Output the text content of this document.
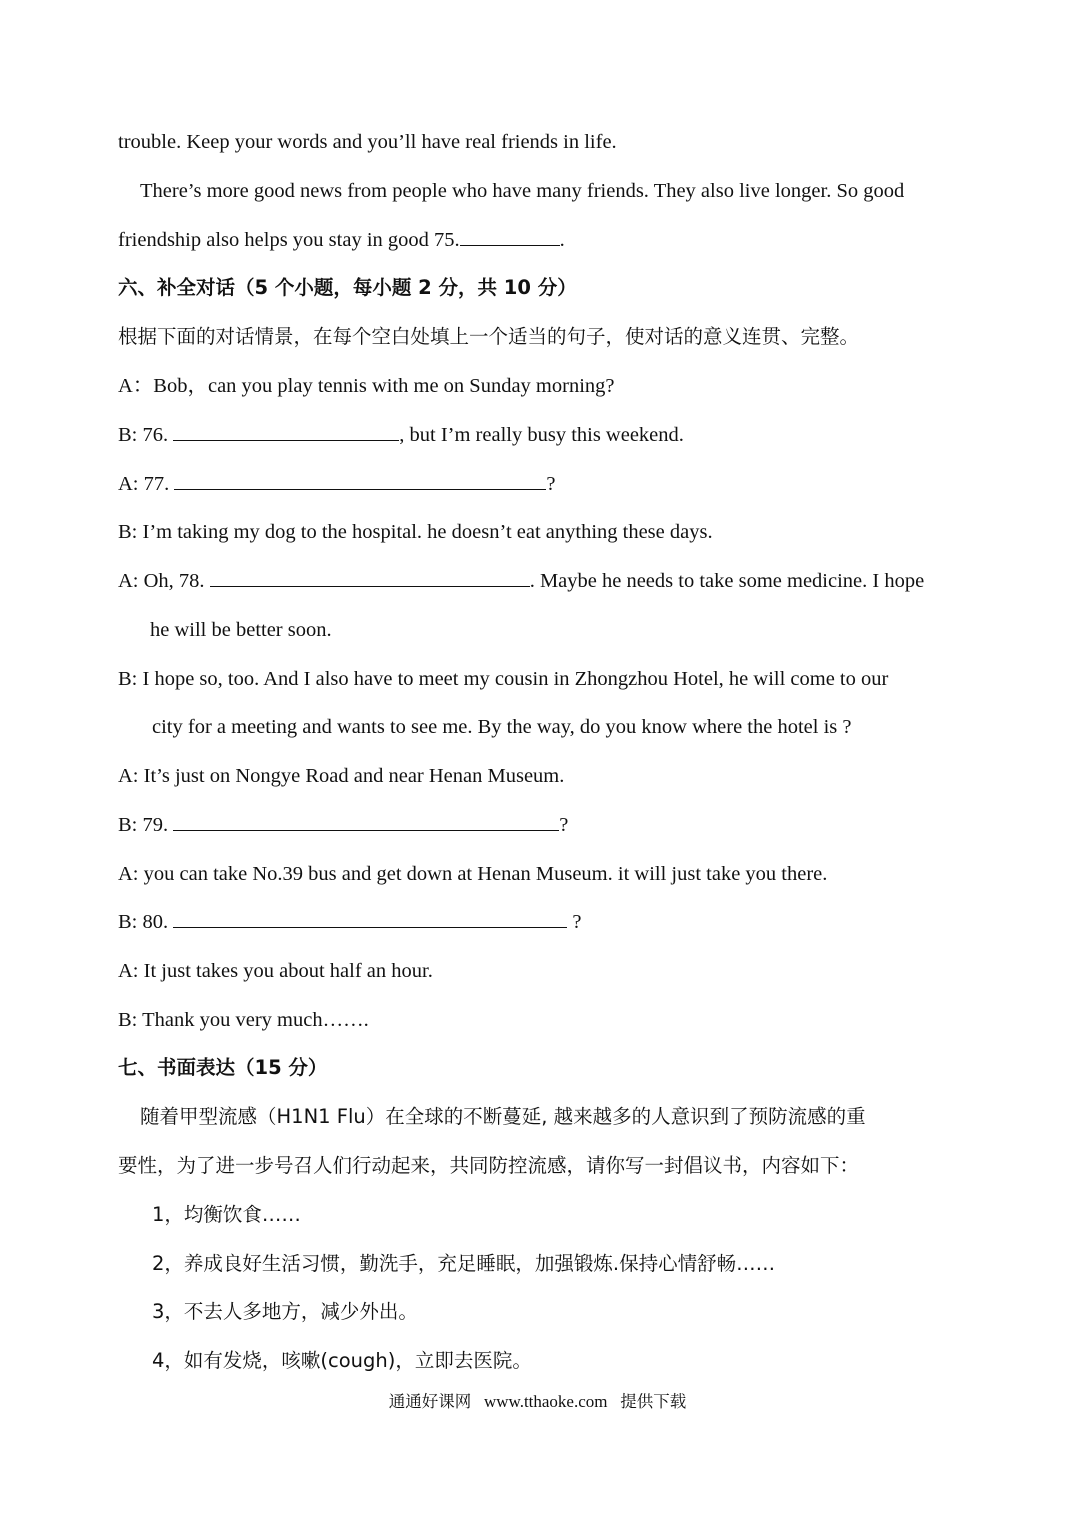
trouble. Keep your words and you’ll have real friends in life.
There’s more good news from people who have many friends. They also live longer. So good
friendship also helps you stay in good 75.	.
六、补全对话（5 个小题，每小题 2 分，共 10 分）
根据下面的对话情景，在每个空白处填上一个适当的句子，使对话的意义连贯、完整。
A：Bob，can you play tennis with me on Sunday morning?
B: 76.	, but I’m really busy this weekend.
A: 77.	?
B: I’m taking my dog to the hospital. he doesn’t eat anything these days.
A: Oh, 78.	. Maybe he needs to take some medicine. I hope
he will be better soon.
B: I hope so, too. And I also have to meet my cousin in Zhongzhou Hotel, he will come to our
city for a meeting and wants to see me. By the way, do you know where the hotel is ?
A: It’s just on Nongye Road and near Henan Museum.
B: 79.	?
A: you can take No.39 bus and get down at Henan Museum. it will just take you there.
B: 80.	?
A: It just takes you about half an hour.
B: Thank you very much…….
七、书面表达（15 分）
随着甲型流感（H1N1 Flu）在全球的不断蔓延, 越来越多的人意识到了预防流感的重
要性，为了进一步号召人们行动起来，共同防控流感，请你写一封倡议书，内容如下：
1，均衡饮食……
2，养成良好生活习惯，勤洗手，充足睡眠，加强锻炼.保持心情舒畅……
3，不去人多地方，减少外出。
4，如有发烧，咳嗽(cough)，立即去医院。
通通好课网 www.tthaoke.com 提供下载
